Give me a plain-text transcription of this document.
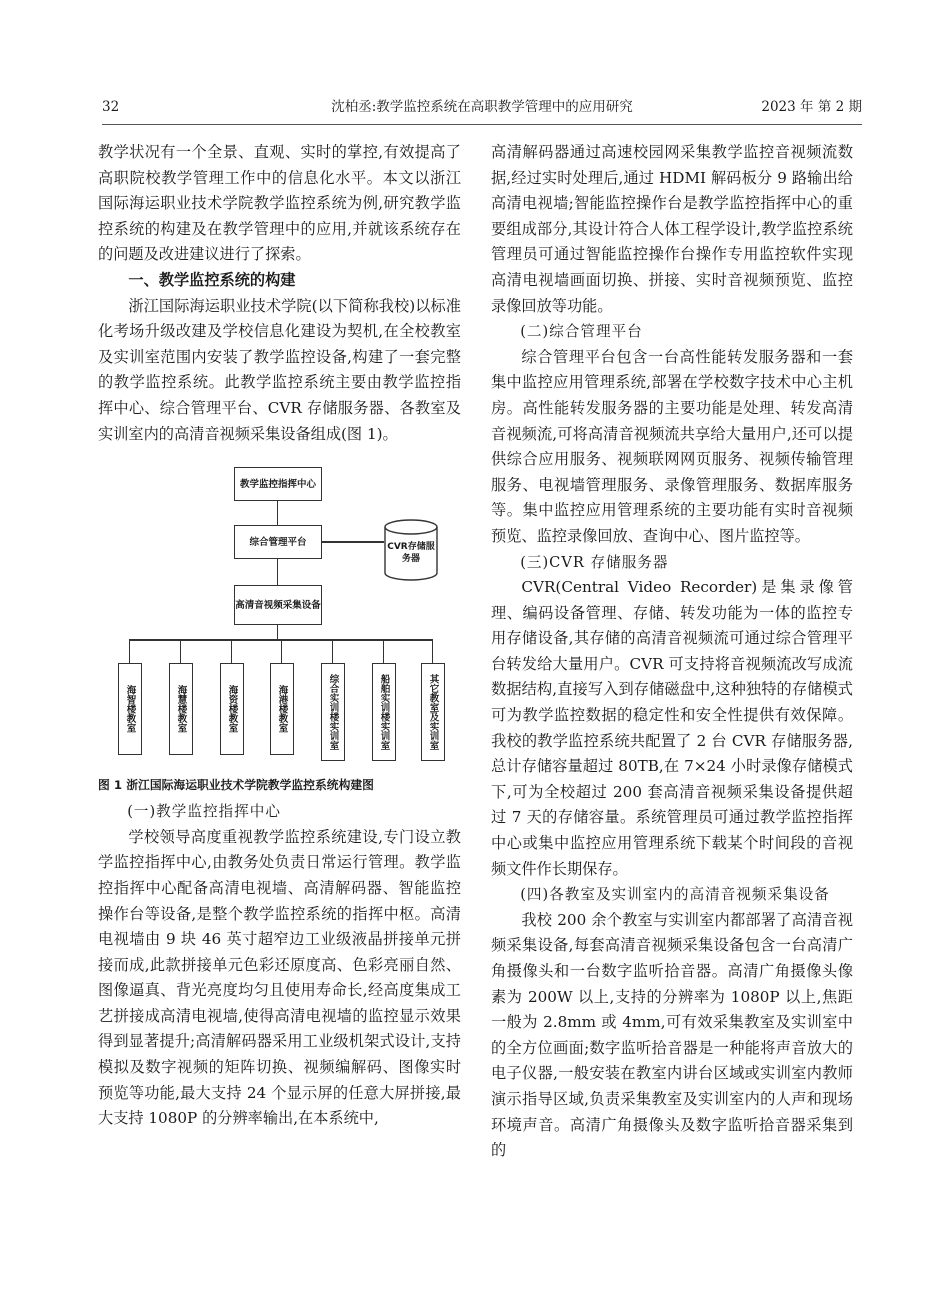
32	沈柏丞:教学监控系统在高职教学管理中的应用研究	2023 年 第 2 期

教学状况有一个全景、直观、实时的掌控,有效提高了高职院校教学管理工作中的信息化水平。本文以浙江国际海运职业技术学院教学监控系统为例,研究教学监控系统的构建及在教学管理中的应用,并就该系统存在的问题及改进建议进行了探索。

一、教学监控系统的构建

浙江国际海运职业技术学院(以下简称我校)以标准化考场升级改建及学校信息化建设为契机,在全校教室及实训室范围内安装了教学监控设备,构建了一套完整的教学监控系统。此教学监控系统主要由教学监控指挥中心、综合管理平台、CVR 存储服务器、各教室及实训室内的高清音视频采集设备组成(图 1)。

教学监控指挥中心
综合管理平台	CVR存储服务器
高清音视频采集设备
海智楼教室	海慧楼教室	海资楼教室	海港楼教室	综合实训楼实训室	船舶实训楼实训室	其它教室及实训室
图 1 浙江国际海运职业技术学院教学监控系统构建图
(一)教学监控指挥中心

学校领导高度重视教学监控系统建设,专门设立教学监控指挥中心,由教务处负责日常运行管理。教学监控指挥中心配备高清电视墙、高清解码器、智能监控操作台等设备,是整个教学监控系统的指挥中枢。高清电视墙由 9 块 46 英寸超窄边工业级液晶拼接单元拼接而成,此款拼接单元色彩还原度高、色彩亮丽自然、图像逼真、背光亮度均匀且使用寿命长,经高度集成工艺拼接成高清电视墙,使得高清电视墙的监控显示效果得到显著提升;高清解码器采用工业级机架式设计,支持模拟及数字视频的矩阵切换、视频编解码、图像实时预览等功能,最大支持 24 个显示屏的任意大屏拼接,最大支持 1080P 的分辨率输出,在本系统中,

高清解码器通过高速校园网采集教学监控音视频流数据,经过实时处理后,通过 HDMI 解码板分 9 路输出给高清电视墙;智能监控操作台是教学监控指挥中心的重要组成部分,其设计符合人体工程学设计,教学监控系统管理员可通过智能监控操作台操作专用监控软件实现高清电视墙画面切换、拼接、实时音视频预览、监控录像回放等功能。

(二)综合管理平台

综合管理平台包含一台高性能转发服务器和一套集中监控应用管理系统,部署在学校数字技术中心主机房。高性能转发服务器的主要功能是处理、转发高清音视频流,可将高清音视频流共享给大量用户,还可以提供综合应用服务、视频联网网页服务、视频传输管理服务、电视墙管理服务、录像管理服务、数据库服务等。集中监控应用管理系统的主要功能有实时音视频预览、监控录像回放、查询中心、图片监控等。

(三)CVR 存储服务器

CVR(Central Video Recorder)是集录像管理、编码设备管理、存储、转发功能为一体的监控专用存储设备,其存储的高清音视频流可通过综合管理平台转发给大量用户。CVR 可支持将音视频流改写成流数据结构,直接写入到存储磁盘中,这种独特的存储模式可为教学监控数据的稳定性和安全性提供有效保障。我校的教学监控系统共配置了 2 台 CVR 存储服务器,总计存储容量超过 80TB,在 7×24 小时录像存储模式下,可为全校超过 200 套高清音视频采集设备提供超过 7 天的存储容量。系统管理员可通过教学监控指挥中心或集中监控应用管理系统下载某个时间段的音视频文件作长期保存。

(四)各教室及实训室内的高清音视频采集设备

我校 200 余个教室与实训室内都部署了高清音视频采集设备,每套高清音视频采集设备包含一台高清广角摄像头和一台数字监听拾音器。高清广角摄像头像素为 200W 以上,支持的分辨率为 1080P 以上,焦距一般为 2.8mm 或 4mm,可有效采集教室及实训室中的全方位画面;数字监听拾音器是一种能将声音放大的电子仪器,一般安装在教室内讲台区域或实训室内教师演示指导区域,负责采集教室及实训室内的人声和现场环境声音。高清广角摄像头及数字监听拾音器采集到的
